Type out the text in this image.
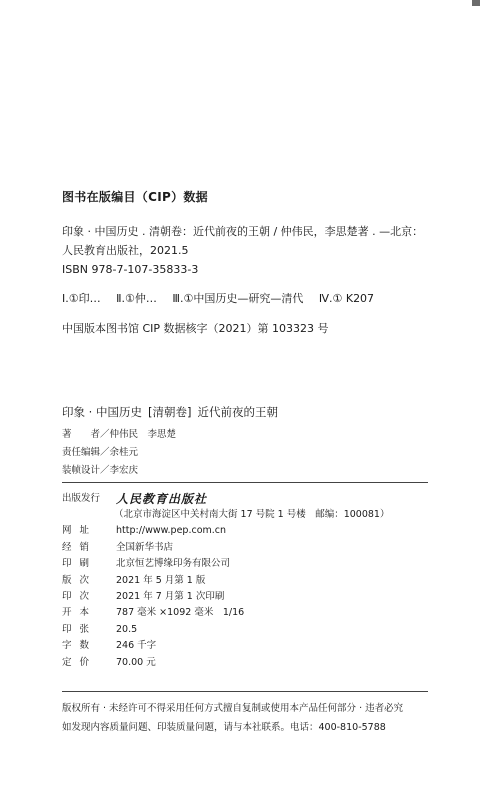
图书在版编目（CIP）数据
印象 · 中国历史 . 清朝卷：近代前夜的王朝 / 仲伟民，李思楚著 . —北京：
人民教育出版社，2021.5
ISBN 978-7-107-35833-3
Ⅰ.①印… Ⅱ.①仲… Ⅲ.①中国历史—研究—清代 Ⅳ.① K207
中国版本图书馆 CIP 数据核字（2021）第 103323 号
印象 · 中国历史 [清朝卷] 近代前夜的王朝
著　　者／仲伟民　李思楚
责任编辑／余桂元
装帧设计／李宏庆
出版发行 人民教育出版社
（北京市海淀区中关村南大街 17 号院 1 号楼　邮编：100081）
网址 http://www.pep.com.cn
经销 全国新华书店
印刷 北京恒艺博缘印务有限公司
版次 2021 年 5 月第 1 版
印次 2021 年 7 月第 1 次印刷
开本 787 毫米 ×1092 毫米　1/16
印张 20.5
字数 246 千字
定价 70.00 元
版权所有 · 未经许可不得采用任何方式擅自复制或使用本产品任何部分 · 违者必究
如发现内容质量问题、印装质量问题，请与本社联系。电话：400-810-5788
